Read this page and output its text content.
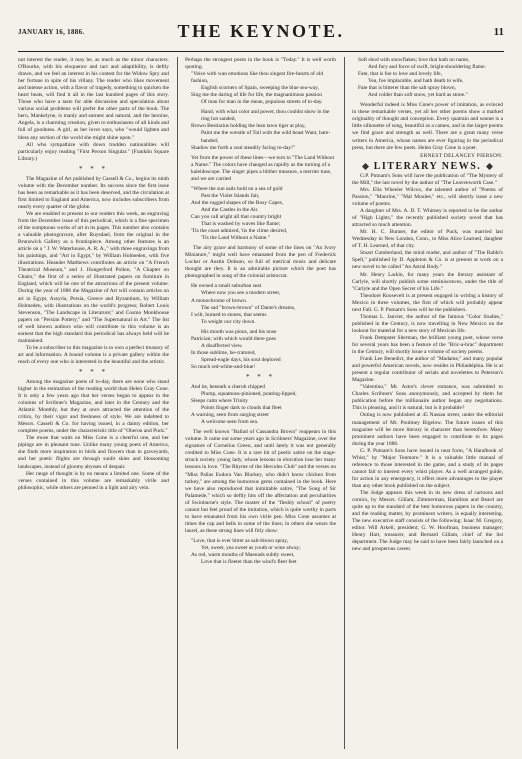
JANUARY 16, 1886.	THE KEYNOTE.	11

not interest the reader, it may be, as much as the minor characters. O'Rourke, with his eloquence and tact and adaptibility, is deftly drawn, and we feel an interest in his contest for the Widow Spry and her fortune in spite of his villany. The reader who likes movement and intense action, with a flavor of tragedy, something to quicken the heart beats, will find it all in the last hundred pages of this story. Those who have a taste for able discussion and speculation about various social problems will prefer the other parts of the book. The hero, Mankelyne, is manly and earnest and natural, and the heroine, Angela, is a charming creation, given to enthusiasms of all kinds and full of goodness. A girl, as her lover says, who "would lighten and bless any section of the world she might shine upon."

All who sympathize with down trodden nationalities will particularly enjoy reading "First Person Singular." (Franklin Square Library.)

* * *

The Magazine of Art published by Cassell & Co., begins its ninth volume with the December number. Its success since the first issue has been as remarkable as it has been deserved, and the circulation at first limited to England and America, now includes subscribers from nearly every quarter of the globe.

We are enabled to present to our readers this week, an engraving from the December issue of this periodical, which is a fine specimen of the sumptuous works of art in its pages. This number also contains a valuable photogravure, after Ruysdael, from the original in the Brunswick Gallery as a frontispiece. Among other features is an article on a " J. W. Waterhouse, A. R. A.," with three engravings from his paintings, and "Art in Egypt," by William Holmeden, with five illustrations. Heander Matthews contributes an article on "A French Theatrical Museum," and J. Hungerford Pollen, "A Chapter on Chairs," the first of a series of illustrated papers on furniture in England, which will be one of the attractions of the present volume. During the year of 1886 the Magazine of Art will contain articles on art in Egypt, Assyria, Persia, Greece and Byzantium, by William Holmeden, with illustrations on the world's progress; Robert Louis Stevenson, "The Landscape in Literature;" and Cosmo Monkhouse papers on "Persian Pottery," and "The Supernatural in Art." The list of well known authors who will contribute to this volume is an earnest that the high standard this periodical has always held will be maintained.

To be a subscriber to this magazine is to own a perfect treasury of art and information. A bound volume is a private gallery within the reach of every one who is interested in the beautiful and the artistic.

* * *

Among the magazine poets of to-day, there are none who stand higher in the estimation of the reading world than Helen Gray Cone. It is only a few years ago that her verses began to appear in the columns of Scribner's Magazine, and later in the Century and the Atlantic Monthly, but they at once attracted the attention of the critics, by their vigor and freshness of style. We are indebted to Messrs. Cassell & Co. for having issued, in a dainty edition, her complete poems, under the characteristic title of "Oberon and Puck."

The muse that waits on Miss Cone is a cheerful one, and her pipings are in pleasant tune. Unlike many young poets of America, she finds more inspiration in birds and flowers than in graveyards, and her poetic flights are through sunlit skies and blossoming landscapes, instead of gloomy abysses of despair.

Her range of thought is by no means a limited one. Some of the verses contained in this volume are remarkably virile and philosophic, while others are penned in a light and airy vein.

Perhaps the strongest poem in the book is "Today." It is well worth quoting.

"Voice with wan emotions like thou singest fire-hearts of old fashion,
English scorners of Spain, sweeping the blue sea-way,
Sing me the daring of life for life, the magnanimous passion
Of man for man in the mean, populous streets of to-day.

Hand, with what color and power, thou couldst show in the ring hot sanded,
Brown Bestiarius holding the lean tawn tiger at play,
Paint me the wrestle of Toil with the wild beast Want, bare-handed;
Shadow me forth a soul steadily facing to-day!"

Yet from the power of these lines—we turn to "The Land Without a Name." The colors have changed as rapidly as the turning of a kaleidoscope. The singer pipes a blither measure, a merrier tune, and we are carried
"Where the sun sails bold on a sea of gold
Past the Violet Islands fair,
And the rugged shapes of the Rosy Capes,
And the Castles in the Air.
Can you call aright all that country bright
That is washed by waves like flame;
'Tis the coast admired, 'tis the clime desired,
'Tis the Land Without a Name."

The airy grace and harmony of some of the lines on "An Ivory Miniature," might well have emanated from the pen of Frederick Locker or Austin Dobson, so full of metrical music and delicate thought are they. It is an admirable picture which the poet has photographed in song of the colonial aristocrat.

He owned a small suburban seat
Where now you see a modern street,
A monochrome of brown.
The sad "brown-brown" of Dante's dreams,
I wilt, burned to stones, that seems
To weight our city down.

His mouth was pious, and his nose
Patrician; with which would there goes
A disaffected view.
In those sublime, be-cratored,
Spread-eagle days, his soul deplored
So much red-white-and-blue!
* * *
And he, beneath a cherub chipped
Plump, squamous-pinioned, pouting-lipped,
Sleeps calm where Trinity
Points finger dark to clouds that fleet
A warning, seen from surging street
A welcome seen from sea.

The well known "Ballad of Cassandra Brown" reappears in this volume. It came out some years ago in Scribners' Magazine, over the signature of Cornelius Green, and until lately it was not generally credited to Miss Cone. It is a rare bit of poetic satire on the stage-struck society young lady, whose lessons in elocution lose her many lessons in love. "The Rhyme of the Hercules Club" and the verses on "Miss Pallas Eudora Van Blurkey, who didn't know chicken from turkey," are among the humorous gems contained in the book. Here we have also reproduced that inimitable satire, "The Song of Sir Palamede," which so deftly hits off the affectation and peculiarities of Swinburne's style. The master of the "fleshly school" of poetry cannot but feel proud of the imitation, which is quite worthy in parts to have emanated from his own virile pen. Miss Cone assumes at times the cap and bells in some of the lines; in others she wears the laurel, as these strong lines will fitly show:

"Love, that is ever bitter as salt-blown spray,
Yet, sweet, yea sweet as youth or wine alway;
As red, warm mouths of Maenads subtly sweet,
Love that is fleeter than the wind's fleet feet
Soft shod with snowflakes; love that hath no name,
And fury and force of swift, bright-shouldering flame.
Fate, that is foe to love and lovely life,
Yea, foe implacable, and hath death to wife,
Fate that is bitterer than the salt spray blown,
And colder than soft snow, yet hard as stone."

Wonderful indeed is Miss Cone's power of imitation, as evinced in these remarkable verses, yet all her other poems show a marked originality of thought and conception. Every quatrain and sonnet is a little silhouette of song, beautiful as a cameo, and in the larger poems we find grace and strength as well. There are a great many verse writers in America, whose names are ever figuring in the periodical press, but there are few poets. Helen Gray Cone is a poet.

ERNEST DELANCEY PIERSON.
LITERARY NEWS.

G.P. Putnam's Sons will have the publication of "The Mystery of the Mill," the last novel by the author of "The Leavenworth Case."

Mrs. Ella Wheeler Wilcox, the talented author of "Poems of Passion," "Maurine," "Mal Moulee," etc., will shortly issue a new volume of poems.

A daughter of Mrs. A. D. T. Whitney is reported to be the author of "High Lights," the recently published society novel that has attracted so much attention.

Mr. H. C. Bunner, the editor of Puck, was married last Wednesday in New London, Conn., to Miss Alice Learned, daughter of T. H. Learned, of that city.

Stuart Cumberland, the mind reader, and author of "The Rabbi's Spell," published by D. Appleton & Co. is at present at work on a new novel to be called "An Astral Body."

Mr. Henry Larkin, for many years the literary assistant of Carlyle, will shortly publish some reminiscences, under the title of "Carlyle and the Open Secret of his Life."

Theodore Roosevelt is at present engaged in writing a history of Mexico in three volumes, the first of which will probably appear next Fall. G. P. Putnam's Sons will be the publishers.

Thomas L. Janvier, the author of the famous "Color Studies," published in the Century, is now travelling in New Mexico on the lookout for material for a new story of Mexican life.

Frank Dempster Sherman, the brilliant young poet, whose verse for several years has been a feature of the "Bric-a-brac" department in the Century, will shortly issue a volume of society poems.

Frank Lee Benedict, the author of "Madame," and many popular and powerful American novels, now resides in Philadelphia. He is at present a regular contributor of serials and novelettes to Peterson's Magazine.

"Valentino," Mr. Astor's clever romance, was submitted to Charles Scribners' Sons anonymously, and accepted by them for publication before the millionaire author began any negotiations. This is pleasing, and it is natural, but is it probable?

Outing is now published at 45 Nassau street, under the editorial management of Mr. Poultney Bigelow. The future issues of this magazine will be more literary in character than heretofore. Many prominent authors have been engaged to contribute to its pages during the year 1886.

G. P. Putnam's Sons have issued in neat form, "A Handbook of Whist," by "Major Tenmore." It is a valuable little manual of reference to those interested in the game, and a study of its pages cannot fail to interest every whist player. As a well arranged guide, for action in any emergency, it offers more advantages to the player than any other book published on the subject.

The Judge appears this week in its new dress of cartoons and comics, by Messrs. Gillam, Zimmerman, Hamilton and Beard are quite up to the standard of the best humorous papers in the country, and the reading matter, by prominent writers, is equally interesting. The new executive staff consists of the following: Isaac M. Gregory, editor. Will Arkell, president; G. W. Hoofman, business manager; Henry Hart, treasurer, and Bernard Gillam, chief of the list department. The Judge may be said to have been fairly launched on a new and prosperous career.
